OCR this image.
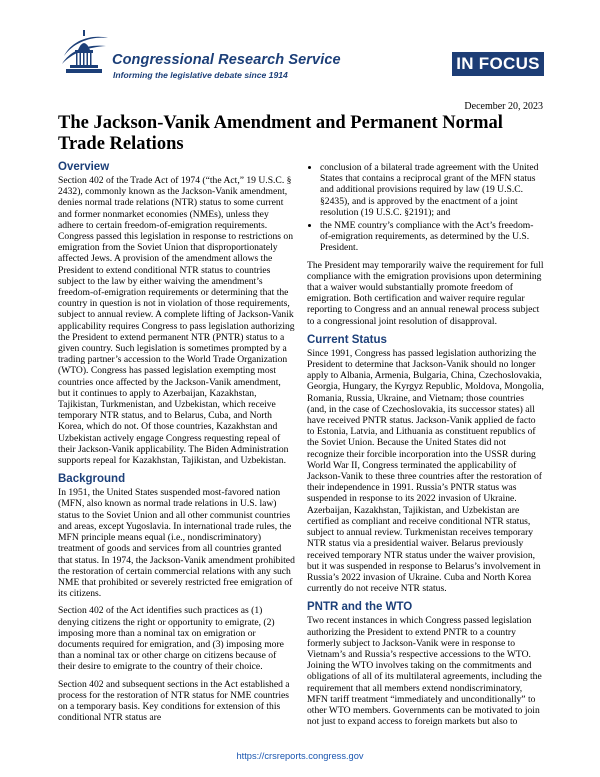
Congressional Research Service
Informing the legislative debate since 1914
IN FOCUS
December 20, 2023
The Jackson-Vanik Amendment and Permanent Normal Trade Relations
Overview

Section 402 of the Trade Act of 1974 (“the Act,” 19 U.S.C. § 2432), commonly known as the Jackson-Vanik amendment, denies normal trade relations (NTR) status to some current and former nonmarket economies (NMEs), unless they adhere to certain freedom-of-emigration requirements. Congress passed this legislation in response to restrictions on emigration from the Soviet Union that disproportionately affected Jews. A provision of the amendment allows the President to extend conditional NTR status to countries subject to the law by either waiving the amendment’s freedom-of-emigration requirements or determining that the country in question is not in violation of those requirements, subject to annual review. A complete lifting of Jackson-Vanik applicability requires Congress to pass legislation authorizing the President to extend permanent NTR (PNTR) status to a given country. Such legislation is sometimes prompted by a trading partner’s accession to the World Trade Organization (WTO). Congress has passed legislation exempting most countries once affected by the Jackson-Vanik amendment, but it continues to apply to Azerbaijan, Kazakhstan, Tajikistan, Turkmenistan, and Uzbekistan, which receive temporary NTR status, and to Belarus, Cuba, and North Korea, which do not. Of those countries, Kazakhstan and Uzbekistan actively engage Congress requesting repeal of their Jackson-Vanik applicability. The Biden Administration supports repeal for Kazakhstan, Tajikistan, and Uzbekistan.

Background

In 1951, the United States suspended most-favored nation (MFN, also known as normal trade relations in U.S. law) status to the Soviet Union and all other communist countries and areas, except Yugoslavia. In international trade rules, the MFN principle means equal (i.e., nondiscriminatory) treatment of goods and services from all countries granted that status. In 1974, the Jackson-Vanik amendment prohibited the restoration of certain commercial relations with any such NME that prohibited or severely restricted free emigration of its citizens.

Section 402 of the Act identifies such practices as (1) denying citizens the right or opportunity to emigrate, (2) imposing more than a nominal tax on emigration or documents required for emigration, and (3) imposing more than a nominal tax or other charge on citizens because of their desire to emigrate to the country of their choice.

Section 402 and subsequent sections in the Act established a process for the restoration of NTR status for NME countries on a temporary basis. Key conditions for extension of this conditional NTR status are

• conclusion of a bilateral trade agreement with the United States that contains a reciprocal grant of the MFN status and additional provisions required by law (19 U.S.C. §2435), and is approved by the enactment of a joint resolution (19 U.S.C. §2191); and
• the NME country’s compliance with the Act’s freedom-of-emigration requirements, as determined by the U.S. President.

The President may temporarily waive the requirement for full compliance with the emigration provisions upon determining that a waiver would substantially promote freedom of emigration. Both certification and waiver require regular reporting to Congress and an annual renewal process subject to a congressional joint resolution of disapproval.

Current Status

Since 1991, Congress has passed legislation authorizing the President to determine that Jackson-Vanik should no longer apply to Albania, Armenia, Bulgaria, China, Czechoslovakia, Georgia, Hungary, the Kyrgyz Republic, Moldova, Mongolia, Romania, Russia, Ukraine, and Vietnam; those countries (and, in the case of Czechoslovakia, its successor states) all have received PNTR status. Jackson-Vanik applied de facto to Estonia, Latvia, and Lithuania as constituent republics of the Soviet Union. Because the United States did not recognize their forcible incorporation into the USSR during World War II, Congress terminated the applicability of Jackson-Vanik to these three countries after the restoration of their independence in 1991. Russia’s PNTR status was suspended in response to its 2022 invasion of Ukraine. Azerbaijan, Kazakhstan, Tajikistan, and Uzbekistan are certified as compliant and receive conditional NTR status, subject to annual review. Turkmenistan receives temporary NTR status via a presidential waiver. Belarus previously received temporary NTR status under the waiver provision, but it was suspended in response to Belarus’s involvement in Russia’s 2022 invasion of Ukraine. Cuba and North Korea currently do not receive NTR status.

PNTR and the WTO

Two recent instances in which Congress passed legislation authorizing the President to extend PNTR to a country formerly subject to Jackson-Vanik were in response to Vietnam’s and Russia’s respective accessions to the WTO. Joining the WTO involves taking on the commitments and obligations of all of its multilateral agreements, including the requirement that all members extend nondiscriminatory, MFN tariff treatment “immediately and unconditionally” to other WTO members. Governments can be motivated to join not just to expand access to foreign markets but also to

https://crsreports.congress.gov
